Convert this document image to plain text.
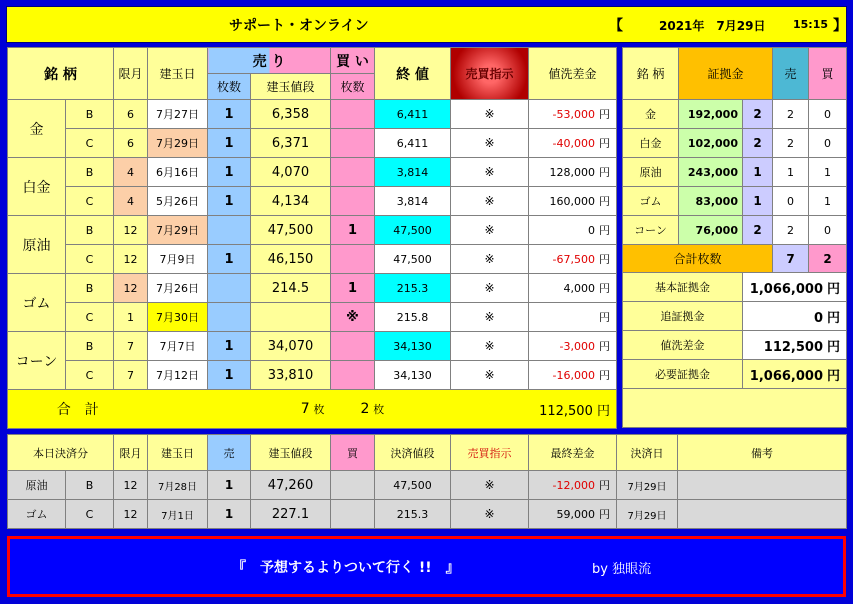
サポート・オンライン	【	2021年　7月29日	15:15 】
銘 柄		限月	建玉日	売 り		買 い	終 値	売買指示	値洗差金
				枚数	建玉値段	枚数			
金	B	6	7月27日	1	6,358		6,411	※	-53,000 円
	C	6	7月29日	1	6,371		6,411	※	-40,000 円
白金	B	4	6月16日	1	4,070		3,814	※	128,000 円
	C	4	5月26日	1	4,134		3,814	※	160,000 円
原油	B	12	7月29日		47,500	1	47,500	※	0 円
	C	12	7月9日	1	46,150		47,500	※	-67,500 円
ゴム	B	12	7月26日		214.5	1	215.3	※	4,000 円
	C	1	7月30日			※	215.8	※	円
コーン	B	7	7月7日	1	34,070		34,130	※	-3,000 円
	C	7	7月12日	1	33,810		34,130	※	-16,000 円
合　計				7 枚		2 枚			112,500 円
銘 柄	証拠金		売	買
金	192,000	2	2	0
白金	102,000	2	2	0
原油	243,000	1	1	1
ゴム	83,000	1	0	1
コーン	76,000	2	2	0
合計枚数			7	2
基本証拠金		1,066,000 円		
追証拠金		0 円		
値洗差金		112,500 円		
必要証拠金		1,066,000 円		

本日決済分		限月	建玉日	売	建玉値段	買	決済値段	売買指示	最終差金	決済日	備考
原油	B	12	7月28日	1	47,260		47,500	※	-12,000 円	7月29日	
ゴム	C	12	7月1日	1	227.1		215.3	※	59,000 円	7月29日	
『　予想するよりついて行く !!　』	by 独眼流
